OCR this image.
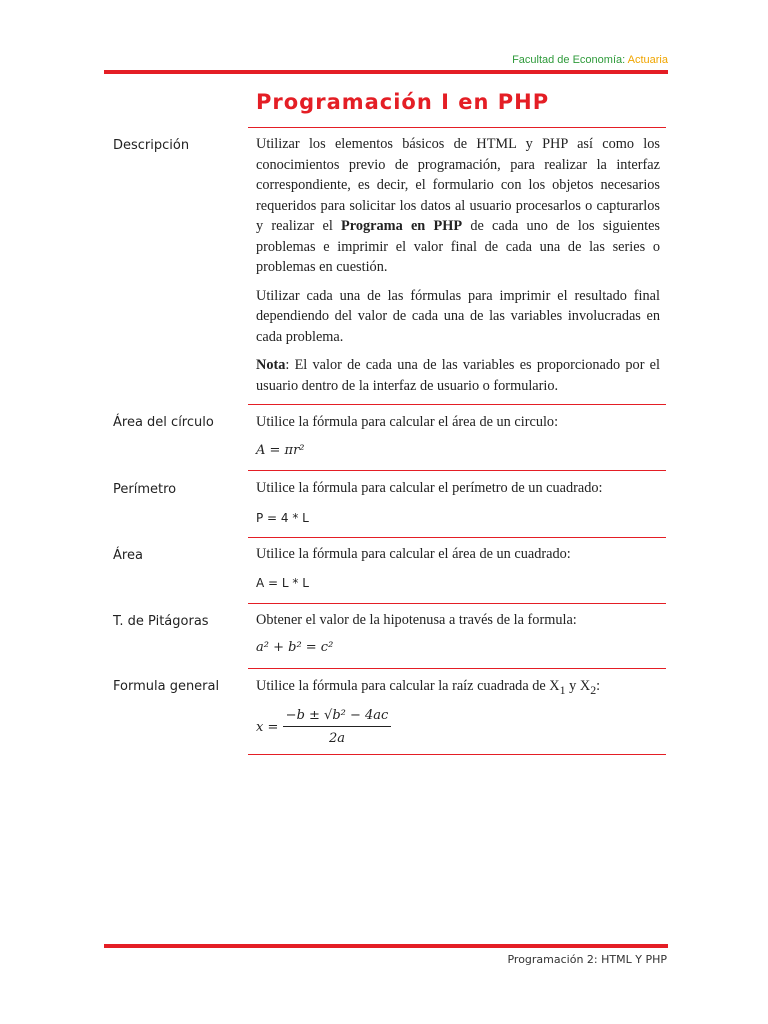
Facultad de Economía: Actuaria
Programación I en PHP
Descripción	Utilizar los elementos básicos de HTML y PHP así como los conocimientos previo de programación, para realizar la interfaz correspondiente, es decir, el formulario con los objetos necesarios requeridos para solicitar los datos al usuario procesarlos o capturarlos y realizar el Programa en PHP de cada uno de los siguientes problemas e imprimir el valor final de cada una de las series o problemas en cuestión.

Utilizar cada una de las fórmulas para imprimir el resultado final dependiendo del valor de cada una de las variables involucradas en cada problema.

Nota: El valor de cada una de las variables es proporcionado por el usuario dentro de la interfaz de usuario o formulario.

Área del círculo	Utilice la fórmula para calcular el área de un circulo:
A = πr²
Perímetro	Utilice la fórmula para calcular el perímetro de un cuadrado:
P = 4 * L
Área	Utilice la fórmula para calcular el área de un cuadrado:
A = L * L
T. de Pitágoras	Obtener el valor de la hipotenusa a través de la formula:
a² + b² = c²
Formula general	Utilice la fórmula para calcular la raíz cuadrada de $X_1$ y $X_2$:
x =
−b ± √b² − 4ac
2a
Programación 2: HTML Y PHP
